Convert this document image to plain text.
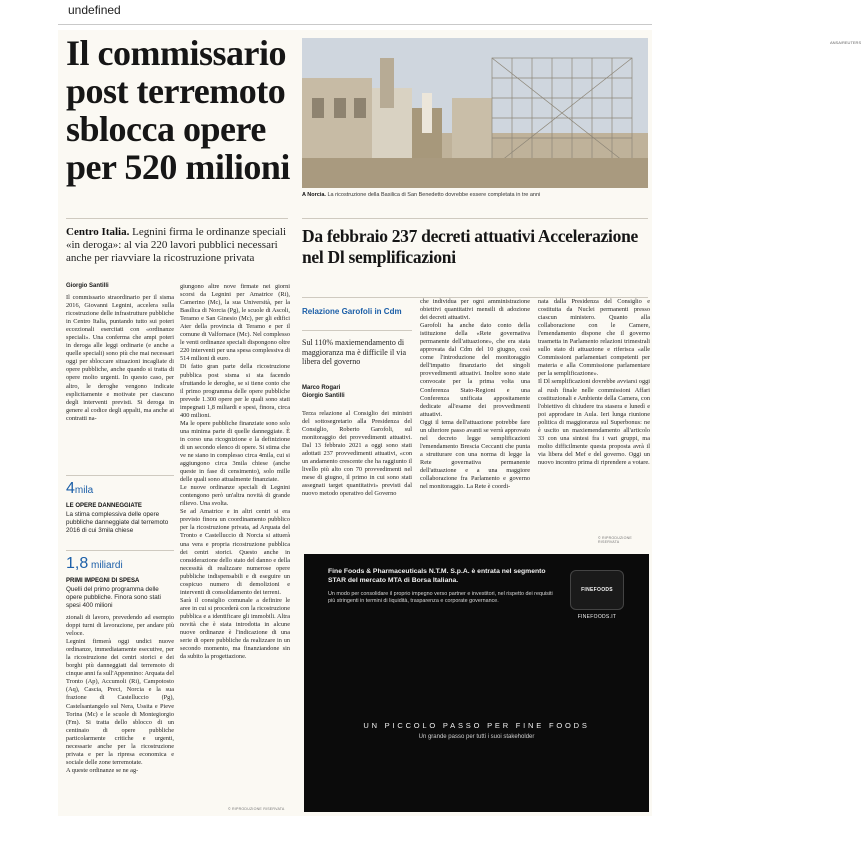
undefined
Il commissario post terremoto sblocca opere per 520 milioni
ANSA/REUTERS
A Norcia. La ricostruzione della Basilica di San Benedetto dovrebbe essere completata in tre anni
Centro Italia. Legnini firma le ordinanze speciali «in deroga»: al via 220 lavori pubblici necessari anche per riavviare la ricostruzione privata
Giorgio Santilli
Il commissario straordinario per il sisma 2016, Giovanni Legnini, accelera sulla ricostruzione delle infrastrutture pubbliche in Centro Italia, puntando tutto sui poteri eccezionali esercitati con «ordinanze speciali». Una conferma che ampi poteri in deroga alle leggi ordinarie (e anche a quelle speciali) sono più che mai necessari oggi per sbloccare situazioni incagliate di opere pubbliche, anche quando si tratta di opere molto urgenti. In questo caso, per altro, le deroghe vengono indicate esplicitamente e motivate per ciascuno degli interventi previsti. Si deroga in genere al codice degli appalti, ma anche ai contratti na-
4mila
LE OPERE DANNEGGIATE
La stima complessiva delle opere pubbliche danneggiate dal terremoto 2016 di cui 3mila chiese
1,8 miliardi
PRIMI IMPEGNI DI SPESA
Quelli del primo programma delle opere pubbliche. Finora sono stati spesi 400 milioni
zionali di lavoro, prevedendo ad esempio doppi turni di lavorazione, per andare più veloce.
Legnini firmerà oggi undici nuove ordinanze, immediatamente esecutive, per la ricostruzione dei centri storici e dei borghi più danneggiati dal terremoto di cinque anni fa sull'Appennino: Arquata del Tronto (Ap), Accumoli (Ri), Campotosto (Aq), Cascia, Preci, Norcia e la sua frazione di Castelluccio (Pg), Castelsantangelo sul Nera, Ussita e Pieve Torina (Mc) e le scuole di Montegiorgio (Fm). Si tratta dello sblocco di un centinaio di opere pubbliche particolarmente critiche e urgenti, necessarie anche per la ricostruzione privata e per la ripresa economica e sociale delle zone terremotate.
A queste ordinanze se ne ag-
giungono altre nove firmate nei giorni scorsi da Legnini per Amatrice (Ri), Camerino (Mc), la sua Università, per la Basilica di Norcia (Pg), le scuole di Ascoli, Teramo e San Ginesio (Mc), per gli edifici Ater della provincia di Teramo e per il comune di Valfornace (Mc). Nel complesso le venti ordinanze speciali dispongono oltre 220 interventi per una spesa complessiva di 514 milioni di euro.
Di fatto gran parte della ricostruzione pubblica post sisma si sta facendo sfruttando le deroghe, se si tiene conto che il primo programma delle opere pubbliche prevede 1.300 opere per le quali sono stati impegnati 1,8 miliardi e spesi, finora, circa 400 milioni.
Ma le opere pubbliche finanziate sono solo una minima parte di quelle danneggiate. È in corso una ricognizione e la definizione di un secondo elenco di opere. Si stima che ve ne siano in complesso circa 4mila, cui si aggiungono circa 3mila chiese (anche queste in fase di censimento), solo mille delle quali sono attualmente finanziate.
Le nuove ordinanze speciali di Legnini contengono però un'altra novità di grande rilievo. Una svolta.
Se ad Amatrice e in altri centri si era previsto finora un coordinamento pubblico per la ricostruzione privata, ad Arquata del Tronto e Castelluccio di Norcia si attuerà una vera e propria ricostruzione pubblica dei centri storici. Questo anche in considerazione dello stato del danno e della necessità di realizzare numerose opere pubbliche indispensabili e di eseguire un cospicuo numero di demolizioni e interventi di consolidamento dei terreni.
Sarà il consiglio comunale a definire le aree in cui si procederà con la ricostruzione pubblica e a identificare gli immobili. Altra novità che è stata introdotta in alcune nuove ordinanze è l'indicazione di una serie di opere pubbliche da realizzare in un secondo momento, ma finanziandone sin da subito la progettazione.
© RIPRODUZIONE RISERVATA
Da febbraio 237 decreti attuativi Accelerazione nel Dl semplificazioni
Relazione Garofoli in Cdm
Sul 110% maxiemendamento di maggioranza ma è difficile il via libera del governo
Marco Rogari
Giorgio Santilli
Terza relazione al Consiglio dei ministri del sottosegretario alla Presidenza del Consiglio, Roberto Garofoli, sul monitoraggio dei provvedimenti attuativi. Dal 13 febbraio 2021 a oggi sono stati adottati 237 provvedimenti attuativi, «con un andamento crescente che ha raggiunto il livello più alto con 70 provvedimenti nel mese di giugno, il primo in cui sono stati assegnati target quantitativi» previsti dal nuovo metodo operativo del Governo
che individua per ogni amministrazione obiettivi quantitativi mensili di adozione dei decreti attuativi.
Garofoli ha anche dato conto della istituzione della «Rete governativa permanente dell'attuazione», che era stata approvata dal Cdm del 10 giugno, così come l'introduzione del monitoraggio dell'impatto finanziario dei singoli provvedimenti attuativi. Inoltre sono state convocate per la prima volta una Conferenza Stato-Regioni e una Conferenza unificata appositamente dedicate all'esame dei provvedimenti attuativi.
Oggi il tema dell'attuazione potrebbe fare un ulteriore passo avanti se verrà approvato nel decreto legge semplificazioni l'emendamento Brescia Ceccanti che punta a strutturare con una norma di legge la Rete governativa permanente dell'attuazione e a una maggiore collaborazione fra Parlamento e governo nel monitoraggio. La Rete è coordi-
nata dalla Presidenza del Consiglio e costituita da Nuclei permanenti presso ciascun ministero. Quanto alla collaborazione con le Camere, l'emendamento dispone che il governo trasmetta in Parlamento relazioni trimestrali sullo stato di attuazione e riferisca «alle Commissioni parlamentari competenti per materia e alla Commissione parlamentare per la semplificazione».
Il Dl semplificazioni dovrebbe avviarsi oggi al rush finale nelle commissioni Affari costituzionali e Ambiente della Camera, con l'obiettivo di chiudere tra stasera e lunedì e poi approdare in Aula. Ieri lunga riunione politica di maggioranza sul Superbonus: ne è uscito un maxiemendamento all'articolo 33 con una sintesi fra i vari gruppi, ma molto difficilmente questa proposta avrà il via libera del Mef e del governo. Oggi un nuovo incontro prima di riprendere a votare.
© RIPRODUZIONE RISERVATA
Fine Foods & Pharmaceuticals N.T.M. S.p.A. è entrata nel segmento STAR del mercato MTA di Borsa Italiana.
Un modo per consolidare il proprio impegno verso partner e investitori, nel rispetto dei requisiti più stringenti in termini di liquidità, trasparenza e corporate governance.
FINEFOODS
FINEFOODS.IT
UN PICCOLO PASSO PER FINE FOODS
Un grande passo per tutti i suoi stakeholder
